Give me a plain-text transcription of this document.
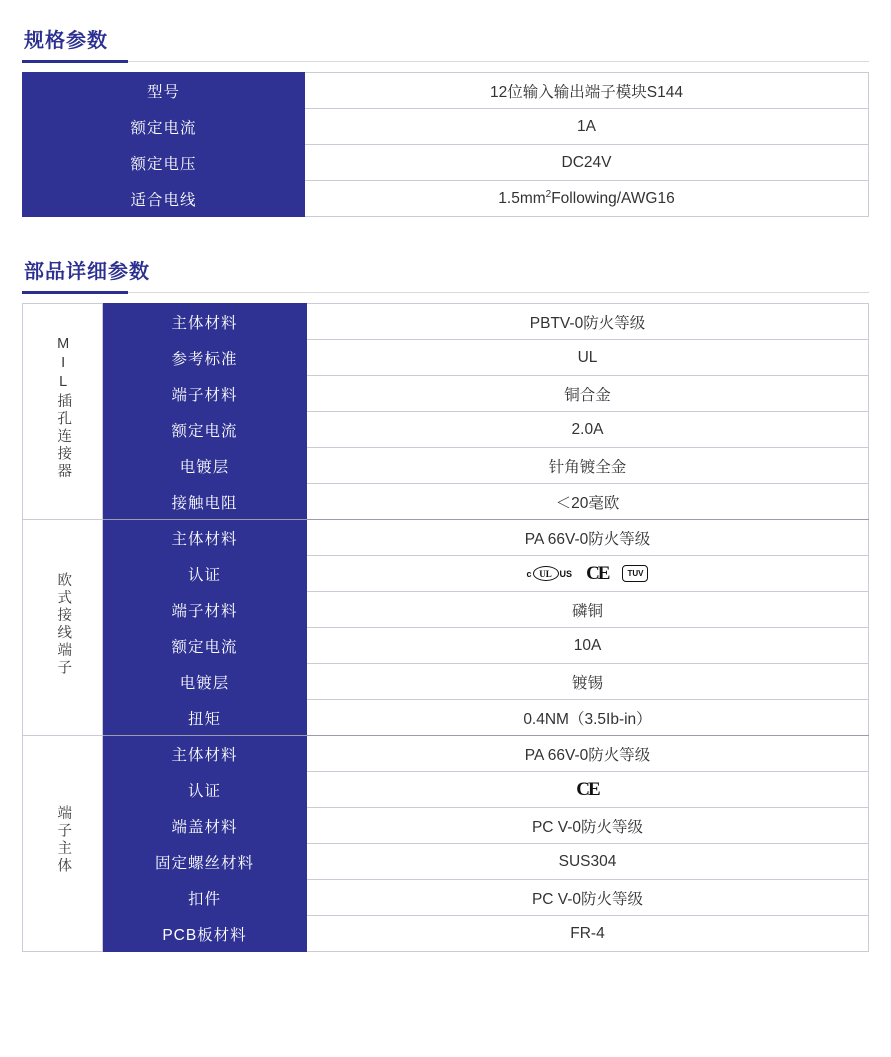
规格参数
型号	12位输入输出端子模块S144
额定电流	1A
额定电压	DC24V
适合电线	$1.5mm^2Following/AWG16$
部品详细参数
MIL插孔连接器	主体材料	PBTV-0防火等级
	参考标准	UL
	端子材料	铜合金
	额定电流	2.0A
	电镀层	针角镀全金
	接触电阻	＜20毫欧
欧式接线端子	主体材料	PA 66V-0防火等级
	认证	c UL US CE TUV

	端子材料	磷铜
	额定电流	10A
	电镀层	镀锡
	扭矩	0.4NM（3.5Ib-in）
端子主体	主体材料	PA 66V-0防火等级
	认证	CE

	端盖材料	PC V-0防火等级
	固定螺丝材料	SUS304
	扣件	PC V-0防火等级
	PCB板材料	FR-4
